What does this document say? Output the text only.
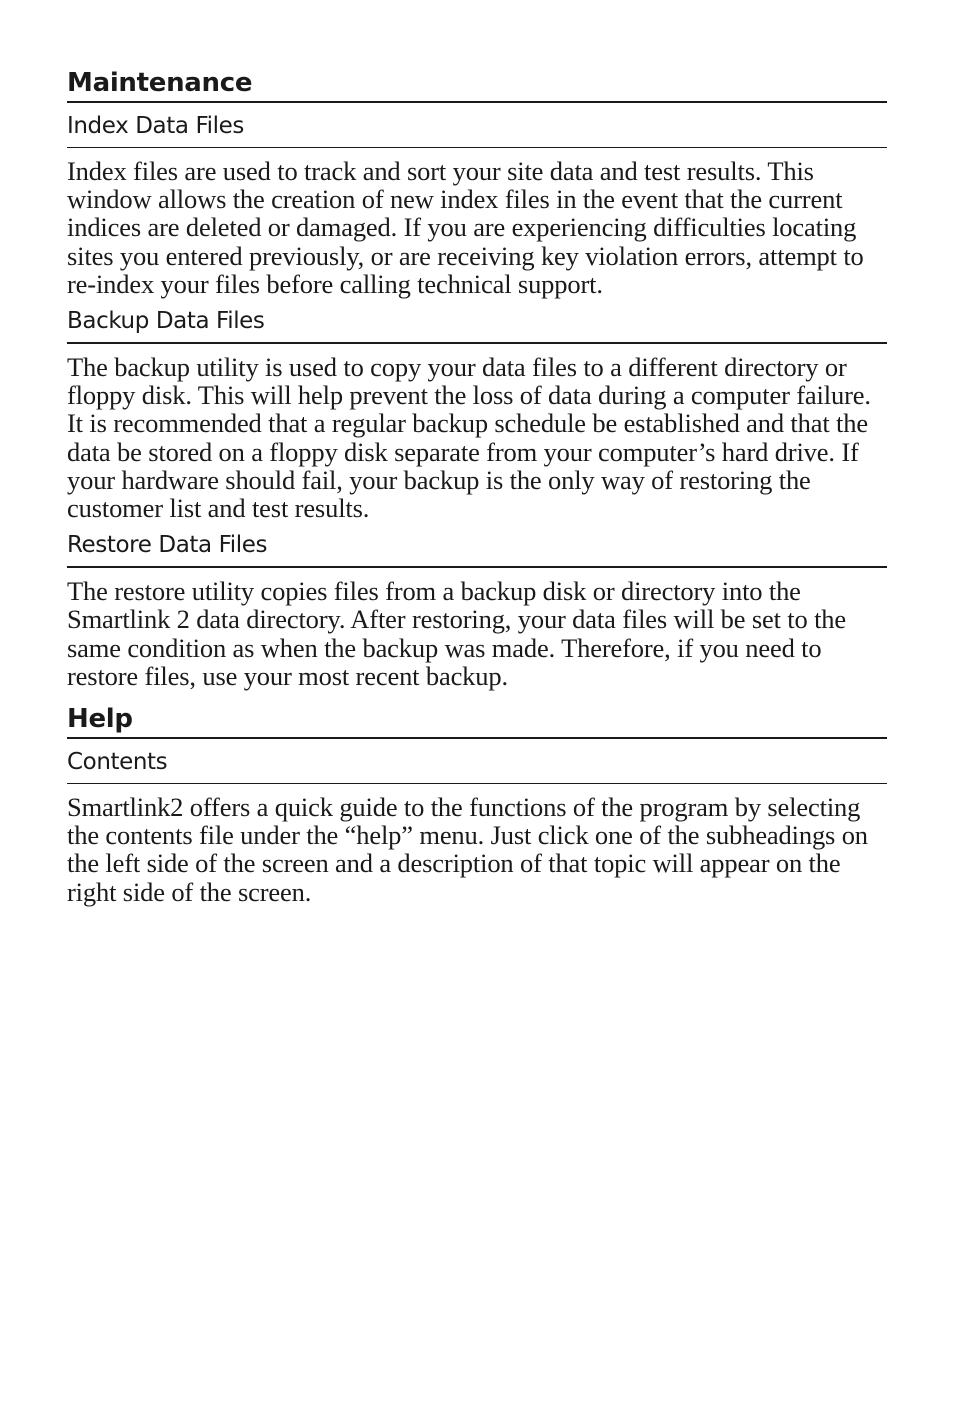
Maintenance
Index Data Files

Index files are used to track and sort your site data and test results. This window allows the creation of new index files in the event that the current indices are deleted or damaged. If you are experiencing difficulties locating sites you entered previously, or are receiving key violation errors, attempt to re-index your files before calling technical support.

Backup Data Files

The backup utility is used to copy your data files to a different directory or floppy disk. This will help prevent the loss of data during a computer failure. It is recommended that a regular backup schedule be established and that the data be stored on a floppy disk separate from your computer’s hard drive. If your hardware should fail, your backup is the only way of restoring the customer list and test results.

Restore Data Files

The restore utility copies files from a backup disk or directory into the Smartlink 2 data directory. After restoring, your data files will be set to the same condition as when the backup was made. Therefore, if you need to restore files, use your most recent backup.

Help
Contents

Smartlink2 offers a quick guide to the functions of the program by selecting the contents file under the “help” menu. Just click one of the subheadings on the left side of the screen and a description of that topic will appear on the right side of the screen.
